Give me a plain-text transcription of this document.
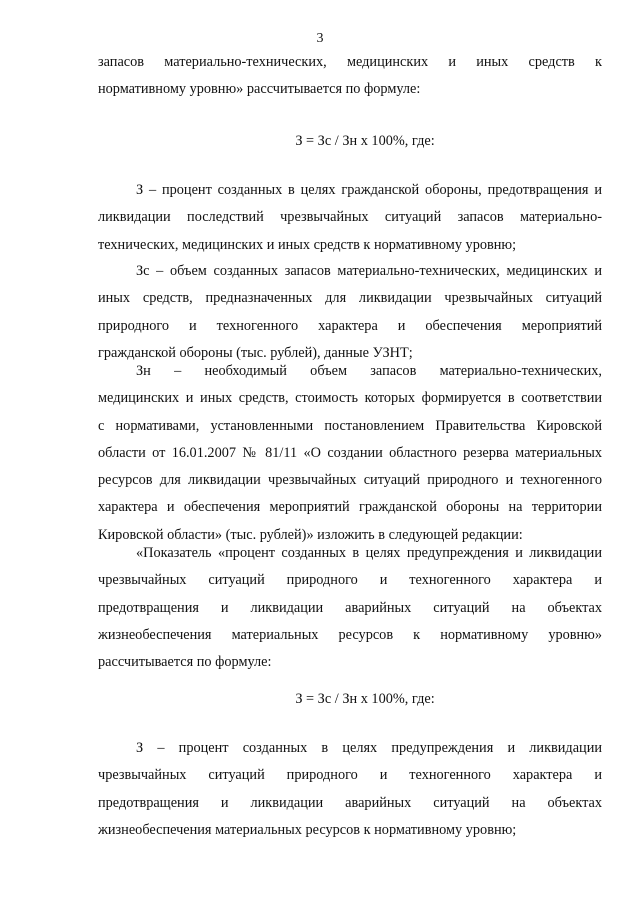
3
запасов материально-технических, медицинских и иных средств к
нормативному уровню» рассчитывается по формуле:
З = Зс / Зн х 100%, где:
З – процент созданных в целях гражданской обороны, предотвращения и
ликвидации последствий чрезвычайных ситуаций запасов материально-
технических, медицинских и иных средств к нормативному уровню;
Зс – объем созданных запасов материально-технических, медицинских и
иных средств, предназначенных для ликвидации чрезвычайных ситуаций
природного и техногенного характера и обеспечения мероприятий
гражданской обороны (тыс. рублей), данные УЗНТ;
Зн – необходимый объем запасов материально-технических,
медицинских и иных средств, стоимость которых формируется в соответствии
с нормативами, установленными постановлением Правительства Кировской
области от 16.01.2007 № 81/11 «О создании областного резерва материальных
ресурсов для ликвидации чрезвычайных ситуаций природного и техногенного
характера и обеспечения мероприятий гражданской обороны на территории
Кировской области» (тыс. рублей)» изложить в следующей редакции:
«Показатель «процент созданных в целях предупреждения и ликвидации
чрезвычайных ситуаций природного и техногенного характера и
предотвращения и ликвидации аварийных ситуаций на объектах
жизнеобеспечения материальных ресурсов к нормативному уровню»
рассчитывается по формуле:
З = Зс / Зн х 100%, где:
З – процент созданных в целях предупреждения и ликвидации
чрезвычайных ситуаций природного и техногенного характера и
предотвращения и ликвидации аварийных ситуаций на объектах
жизнеобеспечения материальных ресурсов к нормативному уровню;
